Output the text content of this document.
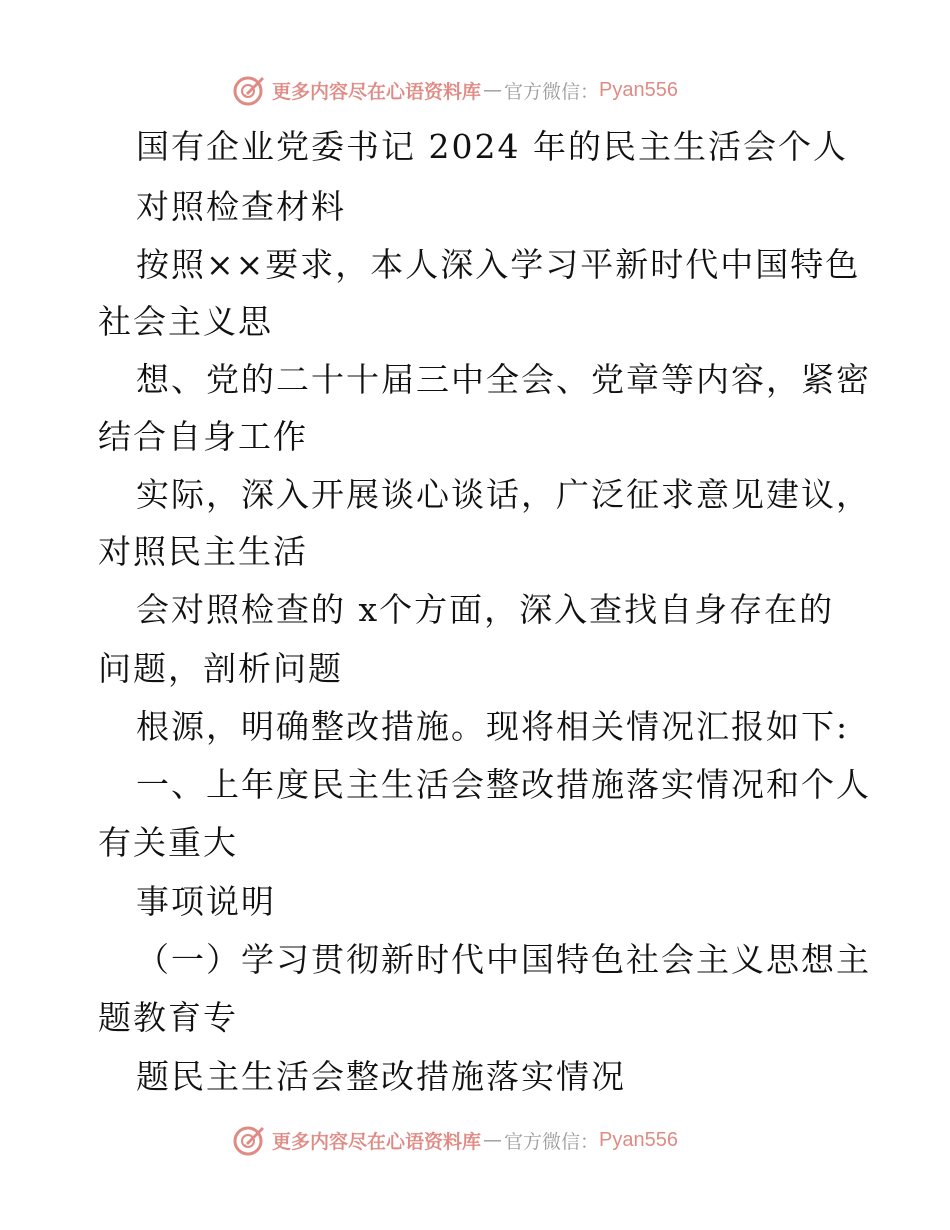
更多内容尽在心语资料库 — 官方微信： Pyan556
国有企业党委书记 2024 年的民主生活会个人
对照检查材料
按照××要求，本人深入学习平新时代中国特色
社会主义思
想、党的二十十届三中全会、党章等内容，紧密
结合自身工作
实际，深入开展谈心谈话，广泛征求意见建议，
对照民主生活
会对照检查的 x个方面，深入查找自身存在的
问题，剖析问题
根源，明确整改措施。现将相关情况汇报如下:
一、上年度民主生活会整改措施落实情况和个人
有关重大
事项说明
（一）学习贯彻新时代中国特色社会主义思想主
题教育专
题民主生活会整改措施落实情况
更多内容尽在心语资料库 — 官方微信： Pyan556
